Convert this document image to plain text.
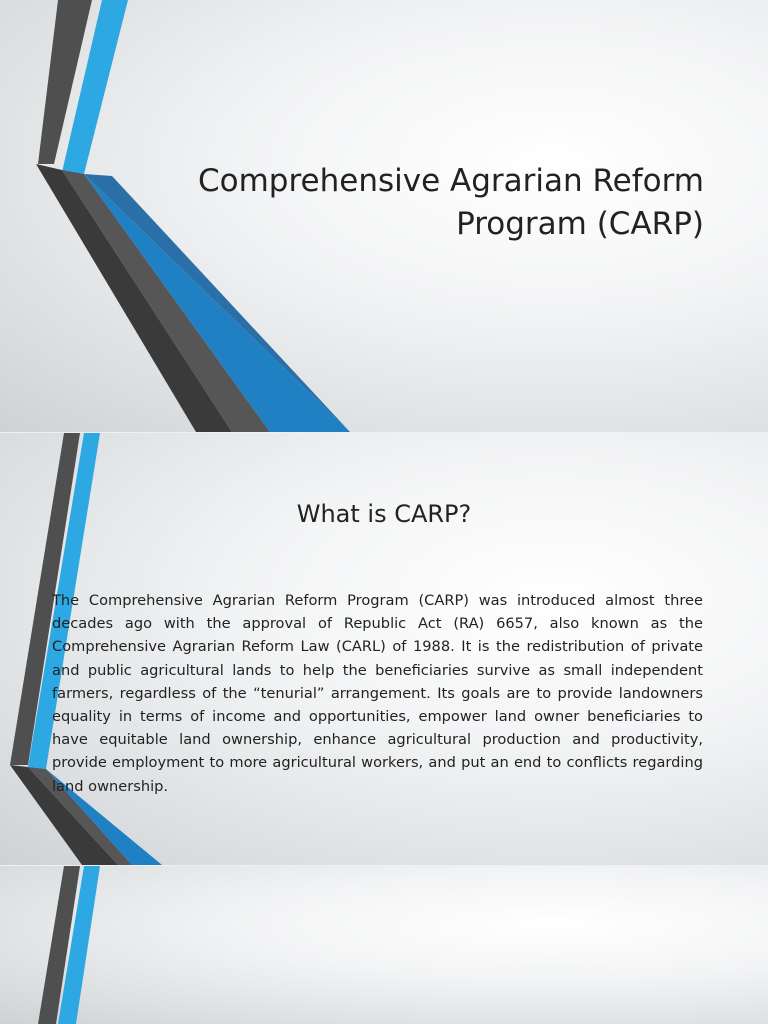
Comprehensive Agrarian Reform
Program (CARP)
What is CARP?

The Comprehensive Agrarian Reform Program (CARP) was introduced almost three decades ago with the approval of Republic Act (RA) 6657, also known as the Comprehensive Agrarian Reform Law (CARL) of 1988. It is the redistribution of private and public agricultural lands to help the beneficiaries survive as small independent farmers, regardless of the “tenurial” arrangement. Its goals are to provide landowners equality in terms of income and opportunities, empower land owner beneficiaries to have equitable land ownership, enhance agricultural production and productivity, provide employment to more agricultural workers, and put an end to conflicts regarding land ownership.
